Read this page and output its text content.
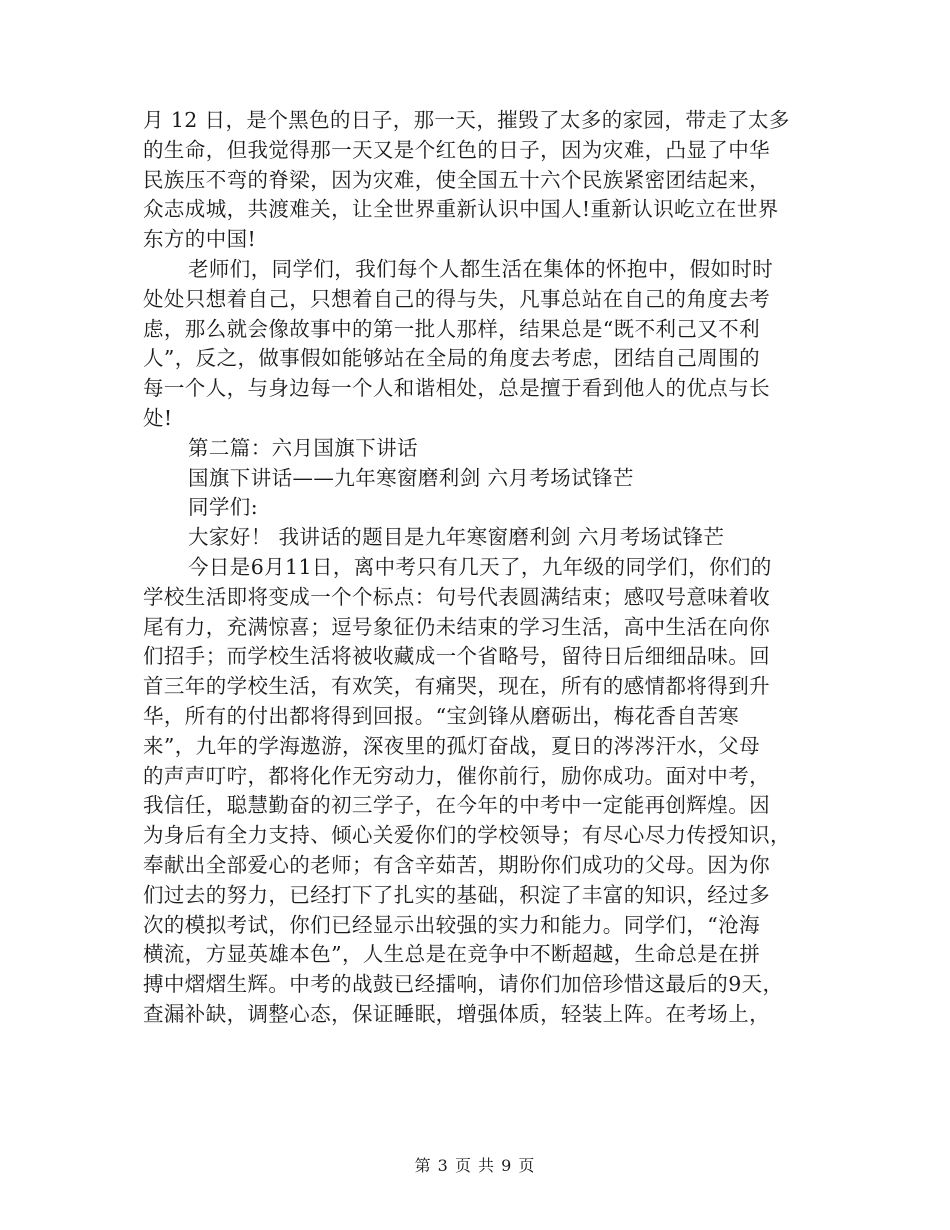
月 12 日，是个黑色的日子，那一天，摧毁了太多的家园，带走了太多
的生命，但我觉得那一天又是个红色的日子，因为灾难，凸显了中华
民族压不弯的脊梁，因为灾难，使全国五十六个民族紧密团结起来，
众志成城，共渡难关，让全世界重新认识中国人!重新认识屹立在世界
东方的中国!
老师们，同学们，我们每个人都生活在集体的怀抱中，假如时时
处处只想着自己，只想着自己的得与失，凡事总站在自己的角度去考
虑，那么就会像故事中的第一批人那样，结果总是“既不利己又不利
人”，反之，做事假如能够站在全局的角度去考虑，团结自己周围的
每一个人，与身边每一个人和谐相处，总是擅于看到他人的优点与长
处!
第二篇：六月国旗下讲话
国旗下讲话——九年寒窗磨利剑 六月考场试锋芒
同学们:
大家好！ 我讲话的题目是九年寒窗磨利剑 六月考场试锋芒
今日是6月11日，离中考只有几天了，九年级的同学们，你们的
学校生活即将变成一个个标点：句号代表圆满结束；感叹号意味着收
尾有力，充满惊喜；逗号象征仍未结束的学习生活，高中生活在向你
们招手；而学校生活将被收藏成一个省略号，留待日后细细品味。回
首三年的学校生活，有欢笑，有痛哭，现在，所有的感情都将得到升
华，所有的付出都将得到回报。“宝剑锋从磨砺出，梅花香自苦寒
来”，九年的学海遨游，深夜里的孤灯奋战，夏日的涔涔汗水，父母
的声声叮咛，都将化作无穷动力，催你前行，励你成功。面对中考，
我信任，聪慧勤奋的初三学子，在今年的中考中一定能再创辉煌。因
为身后有全力支持、倾心关爱你们的学校领导；有尽心尽力传授知识，
奉献出全部爱心的老师；有含辛茹苦，期盼你们成功的父母。因为你
们过去的努力，已经打下了扎实的基础，积淀了丰富的知识，经过多
次的模拟考试，你们已经显示出较强的实力和能力。同学们，“沧海
横流，方显英雄本色”，人生总是在竞争中不断超越，生命总是在拼
搏中熠熠生辉。中考的战鼓已经擂响，请你们加倍珍惜这最后的9天，
查漏补缺，调整心态，保证睡眠，增强体质，轻装上阵。在考场上，
第 3 页 共 9 页
